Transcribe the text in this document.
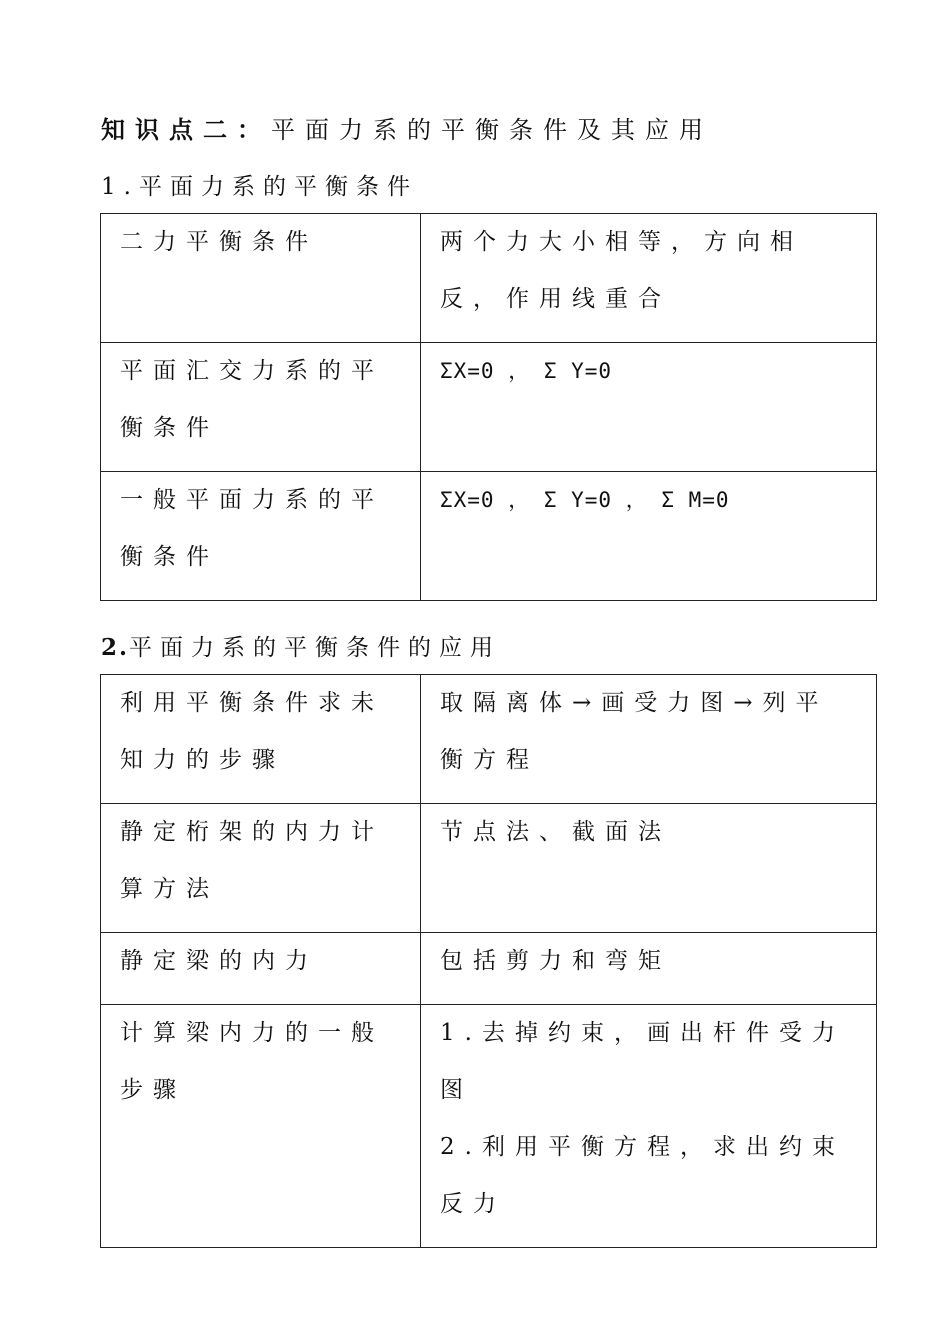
知识点二：平面力系的平衡条件及其应用
1.平面力系的平衡条件
二力平衡条件	两个力大小相等，方向相反，作用线重合

平面汇交力系的平衡条件	ΣX=0 ， Σ Y=0

一般平面力系的平衡条件	ΣX=0 ， Σ Y=0 ， Σ M=0
2.平面力系的平衡条件的应用
利用平衡条件求未知力的步骤	取隔离体→画受力图→列平衡方程

静定桁架的内力计算方法	节点法、截面法

静定梁的内力	包括剪力和弯矩

计算梁内力的一般步骤	1.去掉约束，画出杆件受力图
2.利用平衡方程，求出约束反力
